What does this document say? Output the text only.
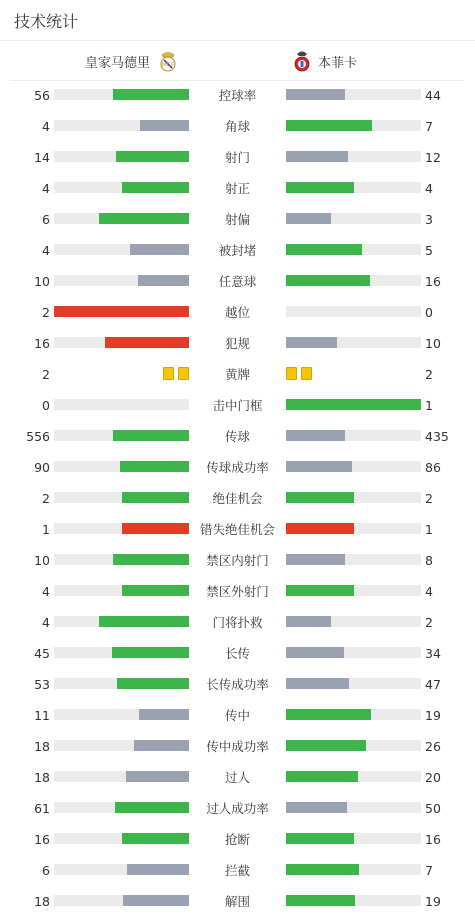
技术统计
皇家马德里 MCF	本菲卡
56	控球率	44
4	角球	7
14	射门	12
4	射正	4
6	射偏	3
4	被封堵	5
10	任意球	16
2	越位	0
16	犯规	10
2	黄牌	2
0	击中门框	1
556	传球	435
90	传球成功率	86
2	绝佳机会	2
1	错失绝佳机会	1
10	禁区内射门	8
4	禁区外射门	4
4	门将扑救	2
45	长传	34
53	长传成功率	47
11	传中	19
18	传中成功率	26
18	过人	20
61	过人成功率	50
16	抢断	16
6	拦截	7
18	解围	19
